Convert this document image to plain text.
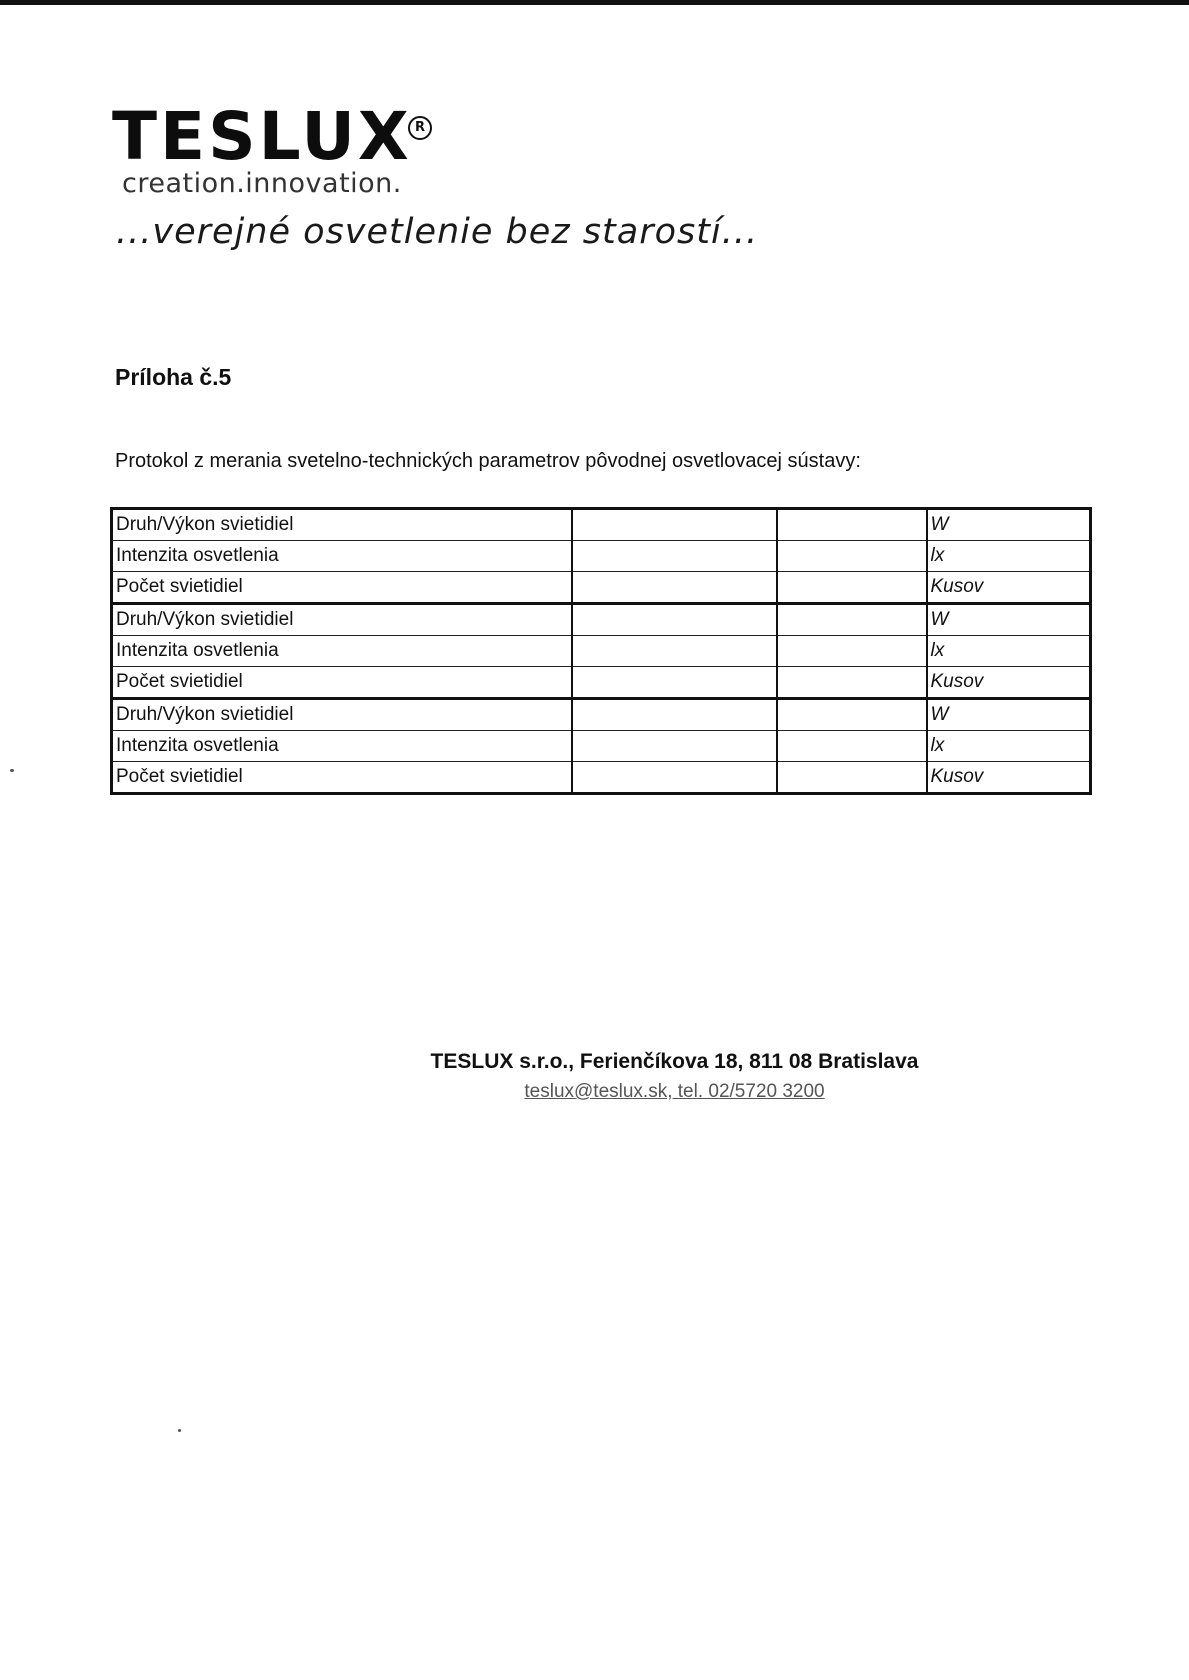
TESLUX R
creation.innovation.
...verejné osvetlenie bez starostí...
Príloha č.5
Protokol z merania svetelno-technických parametrov pôvodnej osvetlovacej sústavy:
Druh/Výkon svietidiel			W
Intenzita osvetlenia			lx
Počet svietidiel			Kusov
Druh/Výkon svietidiel			W
Intenzita osvetlenia			lx
Počet svietidiel			Kusov
Druh/Výkon svietidiel			W
Intenzita osvetlenia			lx
Počet svietidiel			Kusov
TESLUX s.r.o., Ferienčíkova 18, 811 08 Bratislava
teslux@teslux.sk, tel. 02/5720 3200
